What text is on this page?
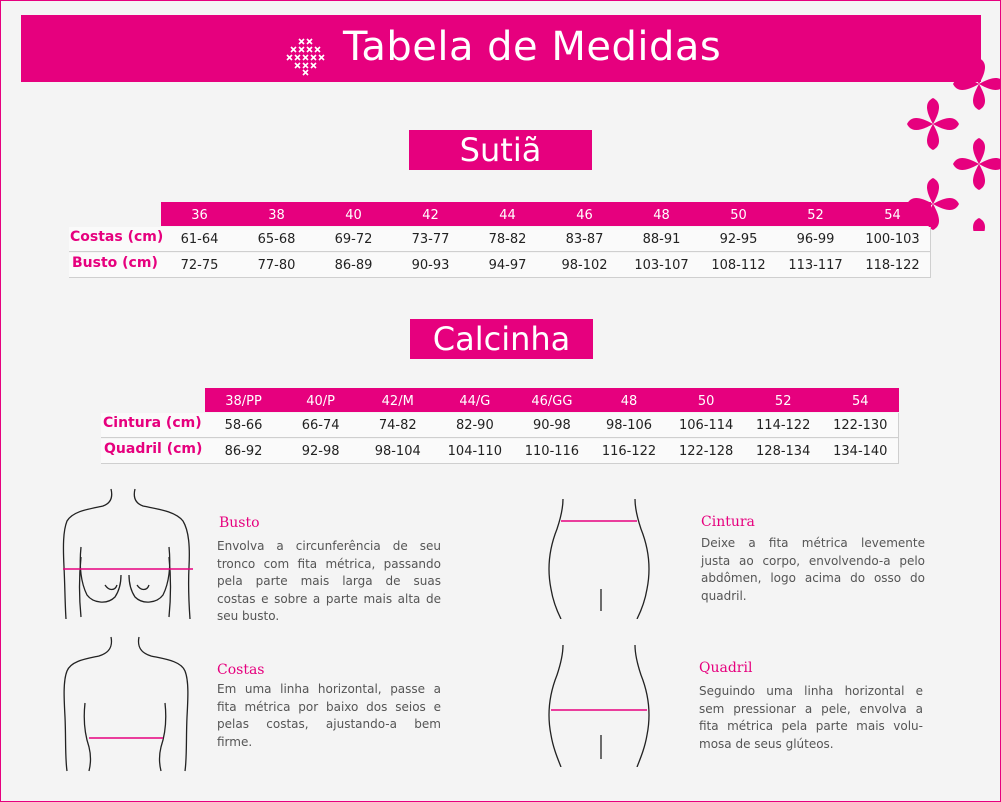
Tabela de Medidas
Sutiã
36	38	40	42	44	46	48	50	52	54
Costas (cm)	61-64	65-68	69-72	73-77	78-82	83-87	88-91	92-95	96-99	100-103
Busto (cm)	72-75	77-80	86-89	90-93	94-97	98-102	103-107	108-112	113-117	118-122
Calcinha
38/PP	40/P	42/M	44/G	46/GG	48	50	52	54
Cintura (cm)	58-66	66-74	74-82	82-90	90-98	98-106	106-114	114-122	122-130
Quadril (cm)	86-92	92-98	98-104	104-110	110-116	116-122	122-128	128-134	134-140
Busto
Envolva a circunferência de seu
tronco com fita métrica, passando
pela parte mais larga de suas
costas e sobre a parte mais alta de
seu busto.
Costas
Em uma linha horizontal, passe a
fita métrica por baixo dos seios e
pelas costas, ajustando-a bem
firme.
Cintura
Deixe a fita métrica levemente
justa ao corpo, envolvendo-a pelo
abdômen, logo acima do osso do
quadril.
Quadril
Seguindo uma linha horizontal e
sem pressionar a pele, envolva a
fita métrica pela parte mais volu-
mosa de seus glúteos.
